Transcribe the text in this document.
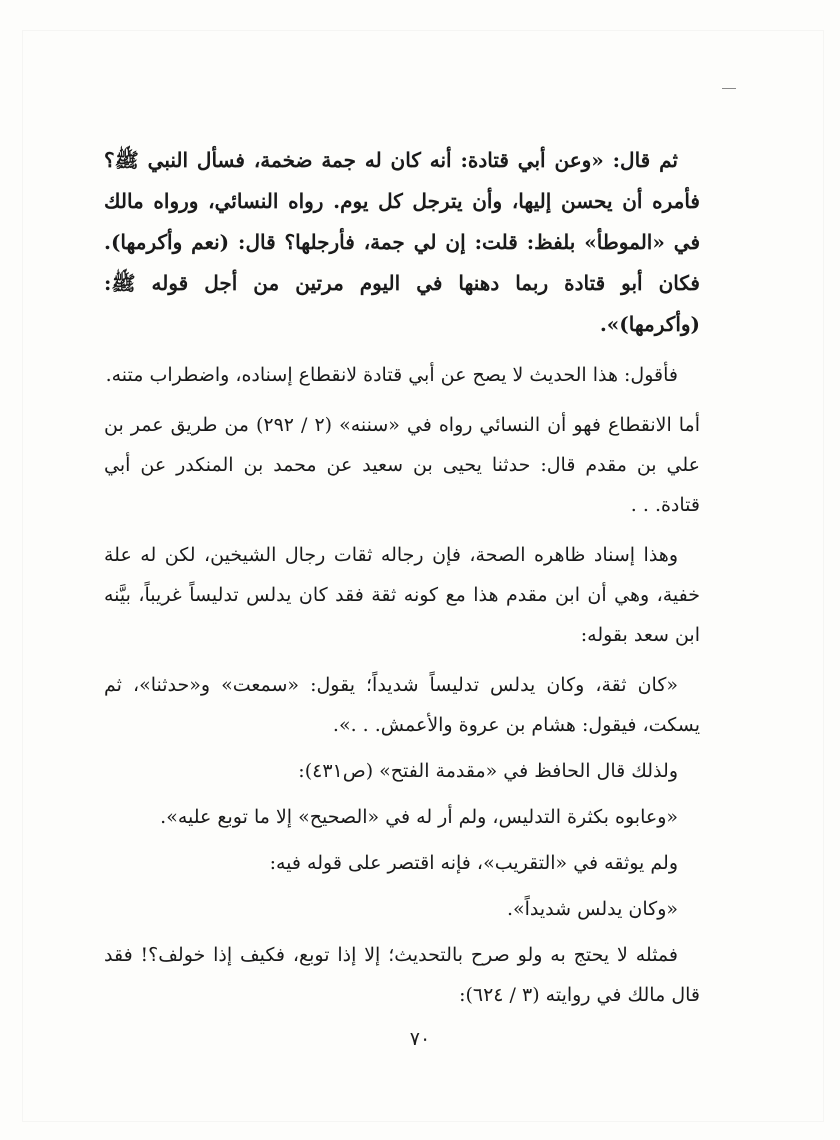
ثم قال: «وعن أبي قتادة: أنه كان له جمة ضخمة، فسأل النبي ﷺ؟ فأمره أن يحسن إليها، وأن يترجل كل يوم. رواه النسائي، ورواه مالك في «الموطأ» بلفظ: قلت: إن لي جمة، فأرجلها؟ قال: (نعم وأكرمها). فكان أبو قتادة ربما دهنها في اليوم مرتين من أجل قوله ﷺ: (وأكرمها)».

فأقول: هذا الحديث لا يصح عن أبي قتادة لانقطاع إسناده، واضطراب متنه.

أما الانقطاع فهو أن النسائي رواه في «سننه» (٢ / ٢٩٢) من طريق عمر بن علي بن مقدم قال: حدثنا يحيى بن سعيد عن محمد بن المنكدر عن أبي قتادة. . .

وهذا إسناد ظاهره الصحة، فإن رجاله ثقات رجال الشيخين، لكن له علة خفية، وهي أن ابن مقدم هذا مع كونه ثقة فقد كان يدلس تدليساً غريباً، بيَّنه ابن سعد بقوله:

«كان ثقة، وكان يدلس تدليساً شديداً؛ يقول: «سمعت» و«حدثنا»، ثم يسكت، فيقول: هشام بن عروة والأعمش. . .».

ولذلك قال الحافظ في «مقدمة الفتح» (ص٤٣١):

«وعابوه بكثرة التدليس، ولم أر له في «الصحيح» إلا ما توبع عليه».

ولم يوثقه في «التقريب»، فإنه اقتصر على قوله فيه:

«وكان يدلس شديداً».

فمثله لا يحتج به ولو صرح بالتحديث؛ إلا إذا توبع، فكيف إذا خولف؟! فقد قال مالك في روايته (٣ / ٦٢٤):

٧٠
